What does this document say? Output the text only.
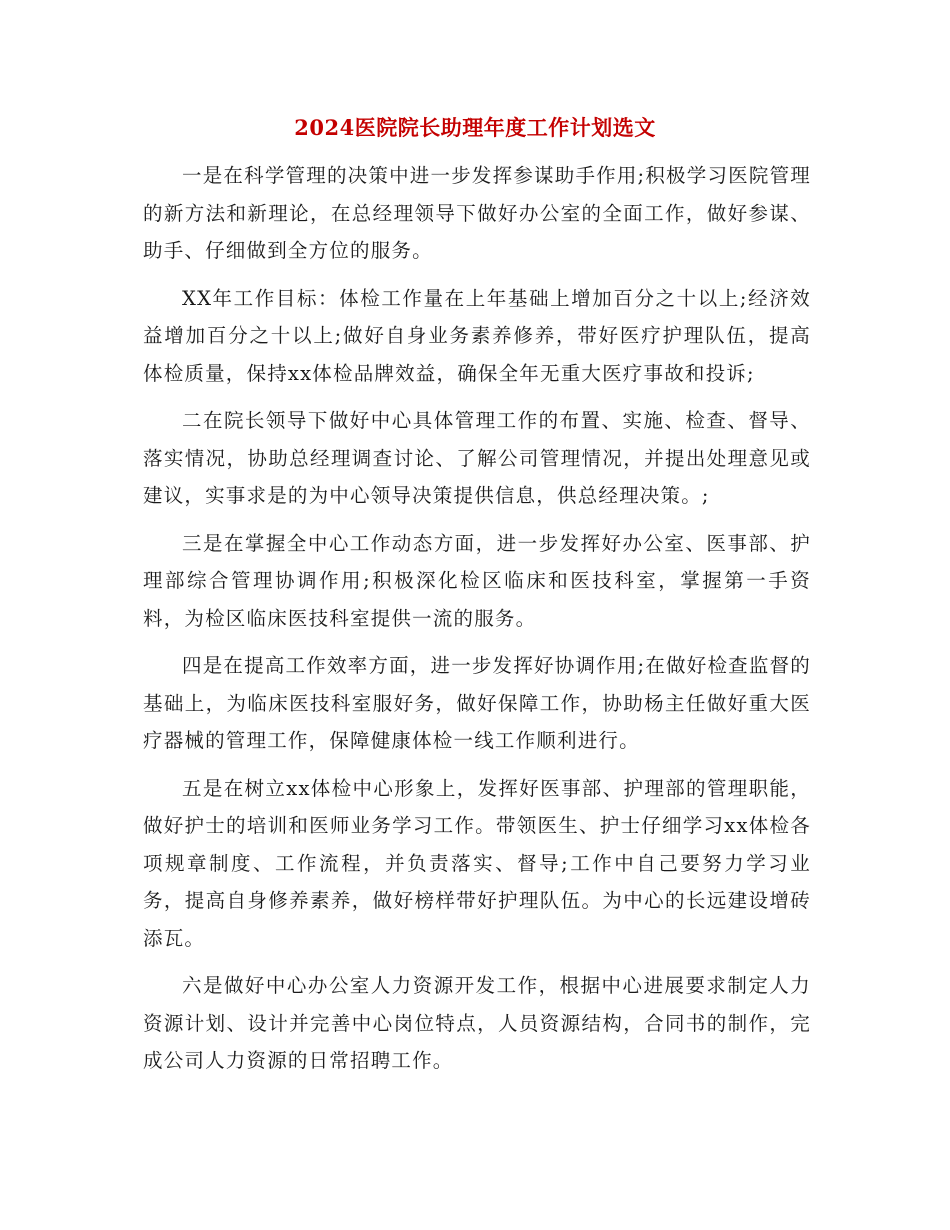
2024医院院长助理年度工作计划选文

一是在科学管理的决策中进一步发挥参谋助手作用;积极学习医院管理的新方法和新理论，在总经理领导下做好办公室的全面工作，做好参谋、助手、仔细做到全方位的服务。

XX年工作目标：体检工作量在上年基础上增加百分之十以上;经济效益增加百分之十以上;做好自身业务素养修养，带好医疗护理队伍，提高体检质量，保持xx体检品牌效益，确保全年无重大医疗事故和投诉;

二在院长领导下做好中心具体管理工作的布置、实施、检查、督导、落实情况，协助总经理调查讨论、了解公司管理情况，并提出处理意见或建议，实事求是的为中心领导决策提供信息，供总经理决策。;

三是在掌握全中心工作动态方面，进一步发挥好办公室、医事部、护理部综合管理协调作用;积极深化检区临床和医技科室，掌握第一手资料，为检区临床医技科室提供一流的服务。

四是在提高工作效率方面，进一步发挥好协调作用;在做好检查监督的基础上，为临床医技科室服好务，做好保障工作，协助杨主任做好重大医疗器械的管理工作，保障健康体检一线工作顺利进行。

五是在树立xx体检中心形象上，发挥好医事部、护理部的管理职能，做好护士的培训和医师业务学习工作。带领医生、护士仔细学习xx体检各项规章制度、工作流程，并负责落实、督导;工作中自己要努力学习业务，提高自身修养素养，做好榜样带好护理队伍。为中心的长远建设增砖添瓦。

六是做好中心办公室人力资源开发工作，根据中心进展要求制定人力资源计划、设计并完善中心岗位特点，人员资源结构，合同书的制作，完成公司人力资源的日常招聘工作。
